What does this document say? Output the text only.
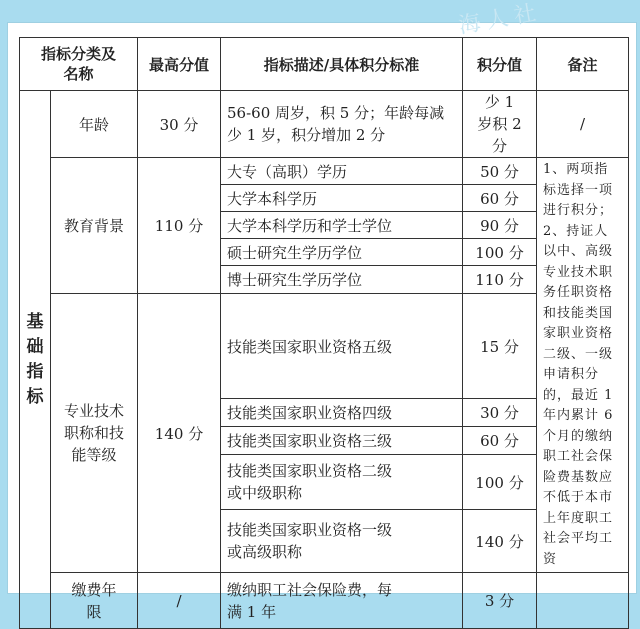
海人社
指标分类及名称		最高分值	指标描述/具体积分标准	积分值	备注
基础指标	年龄	30 分	56-60 周岁，积 5 分；年龄每减少 1 岁，积分增加 2 分	少 1 岁积 2 分	/
	教育背景	110 分	大专（高职）学历	50 分	1、两项指标选择一项进行积分；2、持证人以中、高级专业技术职务任职资格和技能类国家职业资格二级、一级申请积分的，最近 1 年内累计 6 个月的缴纳职工社会保险费基数应不低于本市上年度职工社会平均工资
			大学本科学历	60 分	
			大学本科学历和学士学位	90 分	
			硕士研究生学历学位	100 分	
			博士研究生学历学位	110 分	
	专业技术职称和技能等级	140 分	技能类国家职业资格五级	15 分	
			技能类国家职业资格四级	30 分	
			技能类国家职业资格三级	60 分	
			技能类国家职业资格二级或中级职称	100 分	
			技能类国家职业资格一级或高级职称	140 分	
	缴费年限	/	缴纳职工社会保险费，每满 1 年	3 分	
